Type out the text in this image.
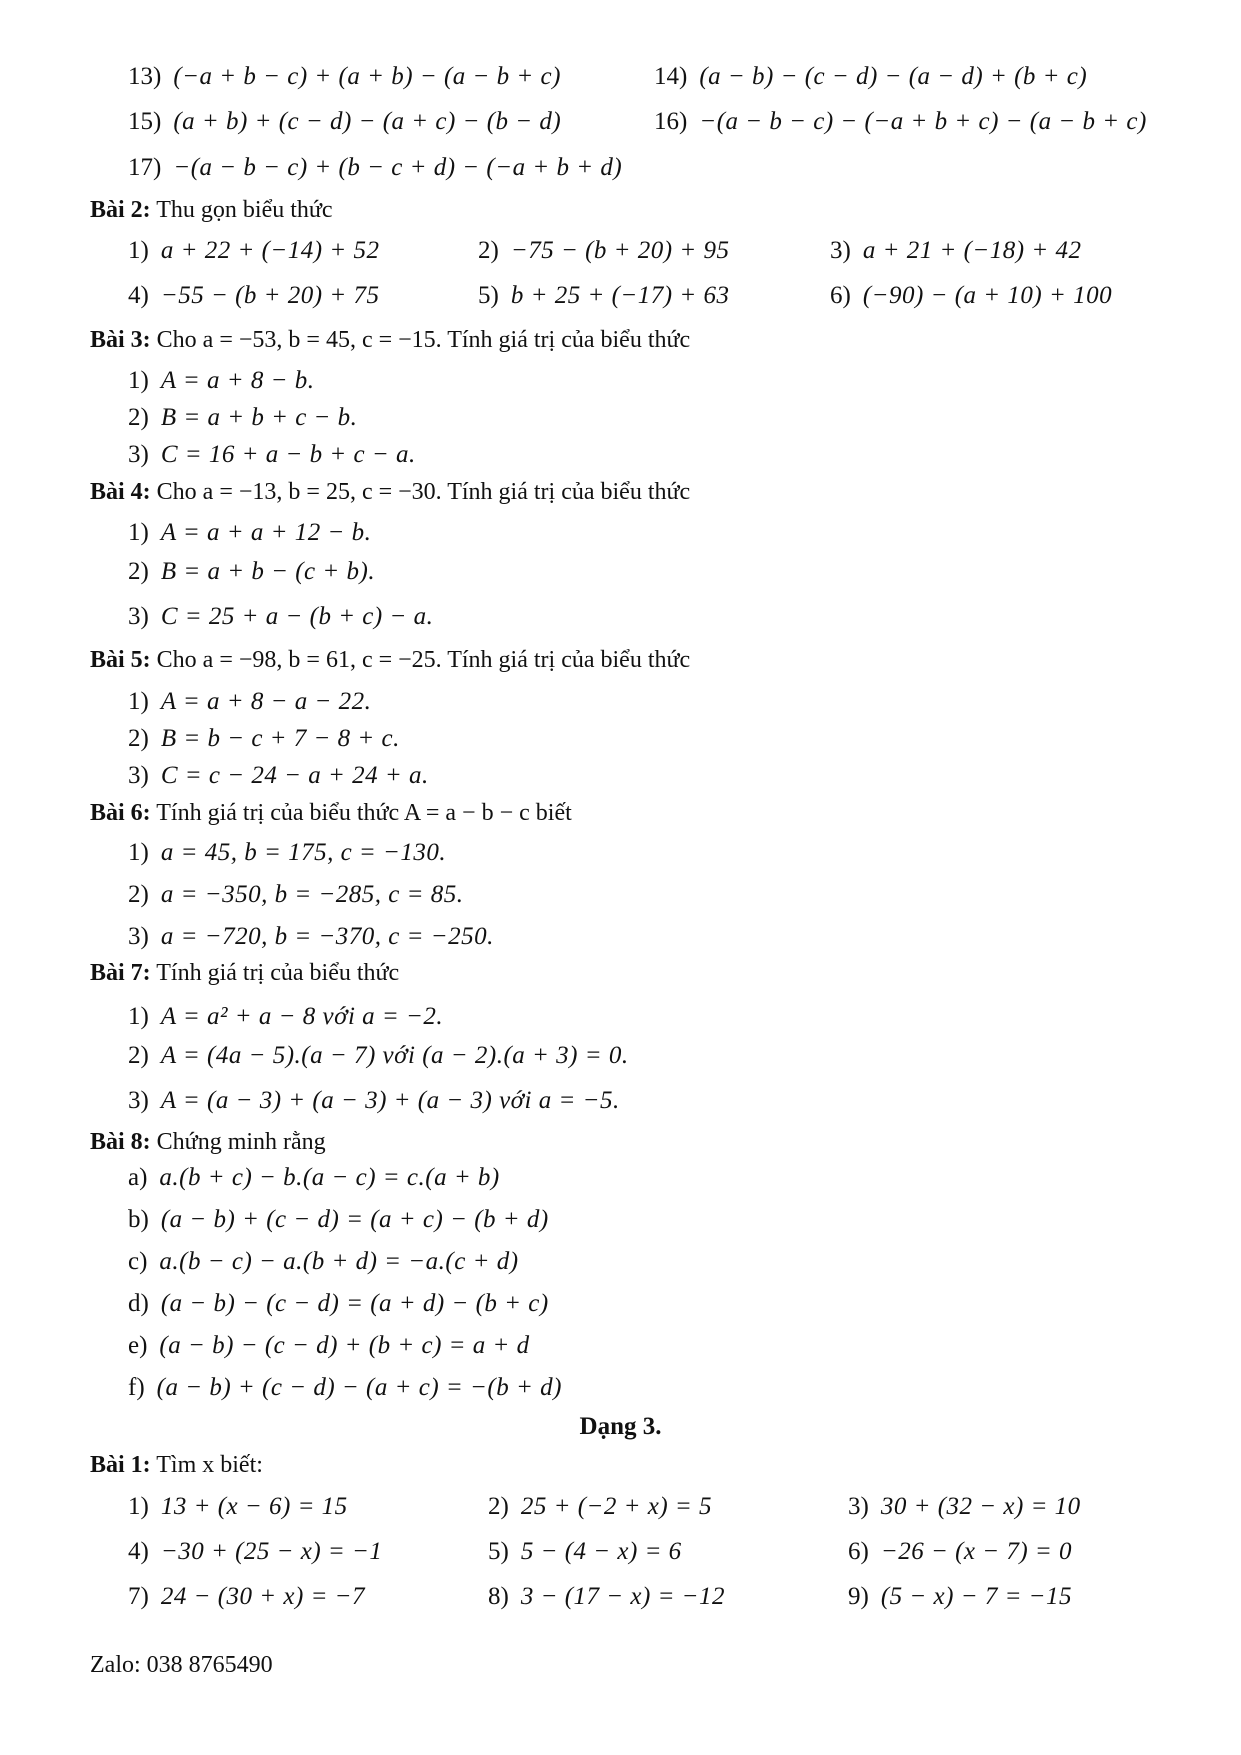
13) (−a + b − c) + (a + b) − (a − b + c)	14) (a − b) − (c − d) − (a − d) + (b + c)
15) (a + b) + (c − d) − (a + c) − (b − d)	16) −(a − b − c) − (−a + b + c) − (a − b + c)
17) −(a − b − c) + (b − c + d) − (−a + b + d)
Bài 2: Thu gọn biểu thức
1) a + 22 + (−14) + 52	2) −75 − (b + 20) + 95	3) a + 21 + (−18) + 42
4) −55 − (b + 20) + 75	5) b + 25 + (−17) + 63	6) (−90) − (a + 10) + 100
Bài 3: Cho a = −53, b = 45, c = −15. Tính giá trị của biểu thức
1) A = a + 8 − b.
2) B = a + b + c − b.
3) C = 16 + a − b + c − a.
Bài 4: Cho a = −13, b = 25, c = −30. Tính giá trị của biểu thức
1) A = a + a + 12 − b.
2) B = a + b − (c + b).
3) C = 25 + a − (b + c) − a.
Bài 5: Cho a = −98, b = 61, c = −25. Tính giá trị của biểu thức
1) A = a + 8 − a − 22.
2) B = b − c + 7 − 8 + c.
3) C = c − 24 − a + 24 + a.
Bài 6: Tính giá trị của biểu thức A = a − b − c biết
1) a = 45, b = 175, c = −130.
2) a = −350, b = −285, c = 85.
3) a = −720, b = −370, c = −250.
Bài 7: Tính giá trị của biểu thức
1) A = a² + a − 8 với a = −2.
2) A = (4a − 5).(a − 7) với (a − 2).(a + 3) = 0.
3) A = (a − 3) + (a − 3) + (a − 3) với a = −5.
Bài 8: Chứng minh rằng
a) a.(b + c) − b.(a − c) = c.(a + b)
b) (a − b) + (c − d) = (a + c) − (b + d)
c) a.(b − c) − a.(b + d) = −a.(c + d)
d) (a − b) − (c − d) = (a + d) − (b + c)
e) (a − b) − (c − d) + (b + c) = a + d
f) (a − b) + (c − d) − (a + c) = −(b + d)
Dạng 3.
Bài 1: Tìm x biết:
1) 13 + (x − 6) = 15	2) 25 + (−2 + x) = 5	3) 30 + (32 − x) = 10
4) −30 + (25 − x) = −1	5) 5 − (4 − x) = 6	6) −26 − (x − 7) = 0
7) 24 − (30 + x) = −7	8) 3 − (17 − x) = −12	9) (5 − x) − 7 = −15
Zalo: 038 8765490
